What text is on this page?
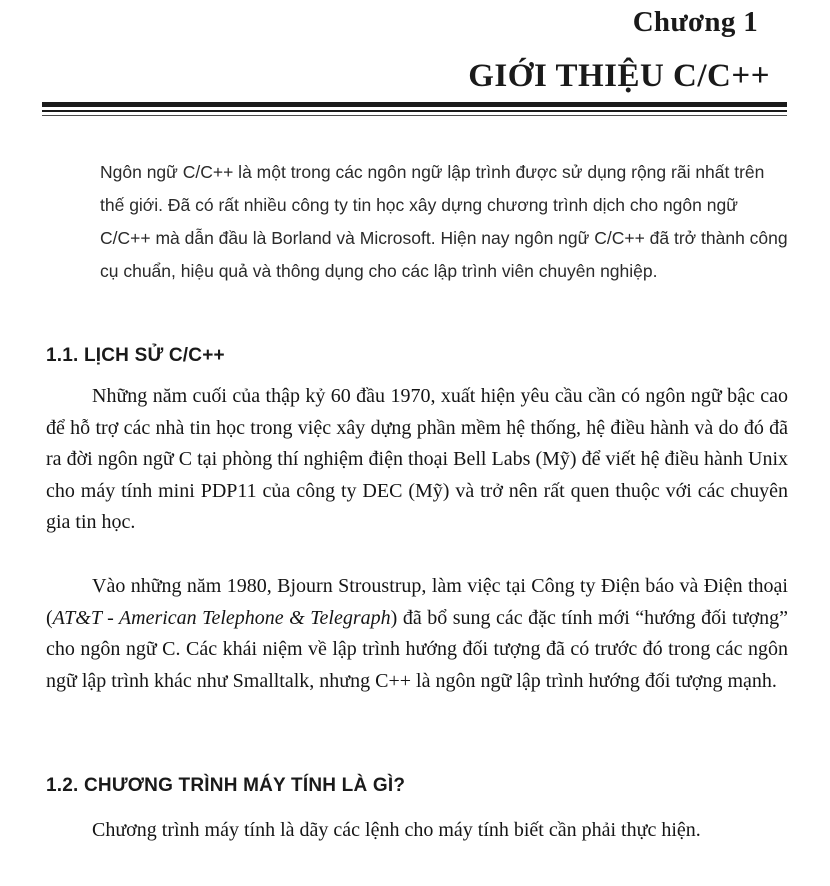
Chương 1
GIỚI THIỆU C/C++

Ngôn ngữ C/C++ là một trong các ngôn ngữ lập trình được sử dụng rộng rãi nhất trên thế giới. Đã có rất nhiều công ty tin học xây dựng chương trình dịch cho ngôn ngữ C/C++ mà dẫn đầu là Borland và Microsoft. Hiện nay ngôn ngữ C/C++ đã trở thành công cụ chuẩn, hiệu quả và thông dụng cho các lập trình viên chuyên nghiệp.

1.1. LỊCH SỬ C/C++

Những năm cuối của thập kỷ 60 đầu 1970, xuất hiện yêu cầu cần có ngôn ngữ bậc cao để hỗ trợ các nhà tin học trong việc xây dựng phần mềm hệ thống, hệ điều hành và do đó đã ra đời ngôn ngữ C tại phòng thí nghiệm điện thoại Bell Labs (Mỹ) để viết hệ điều hành Unix cho máy tính mini PDP11 của công ty DEC (Mỹ) và trở nên rất quen thuộc với các chuyên gia tin học.

Vào những năm 1980, Bjourn Stroustrup, làm việc tại Công ty Điện báo và Điện thoại (AT&T - American Telephone & Telegraph) đã bổ sung các đặc tính mới “hướng đối tượng” cho ngôn ngữ C. Các khái niệm về lập trình hướng đối tượng đã có trước đó trong các ngôn ngữ lập trình khác như Smalltalk, nhưng C++ là ngôn ngữ lập trình hướng đối tượng mạnh.

1.2. CHƯƠNG TRÌNH MÁY TÍNH LÀ GÌ?

Chương trình máy tính là dãy các lệnh cho máy tính biết cần phải thực hiện.
